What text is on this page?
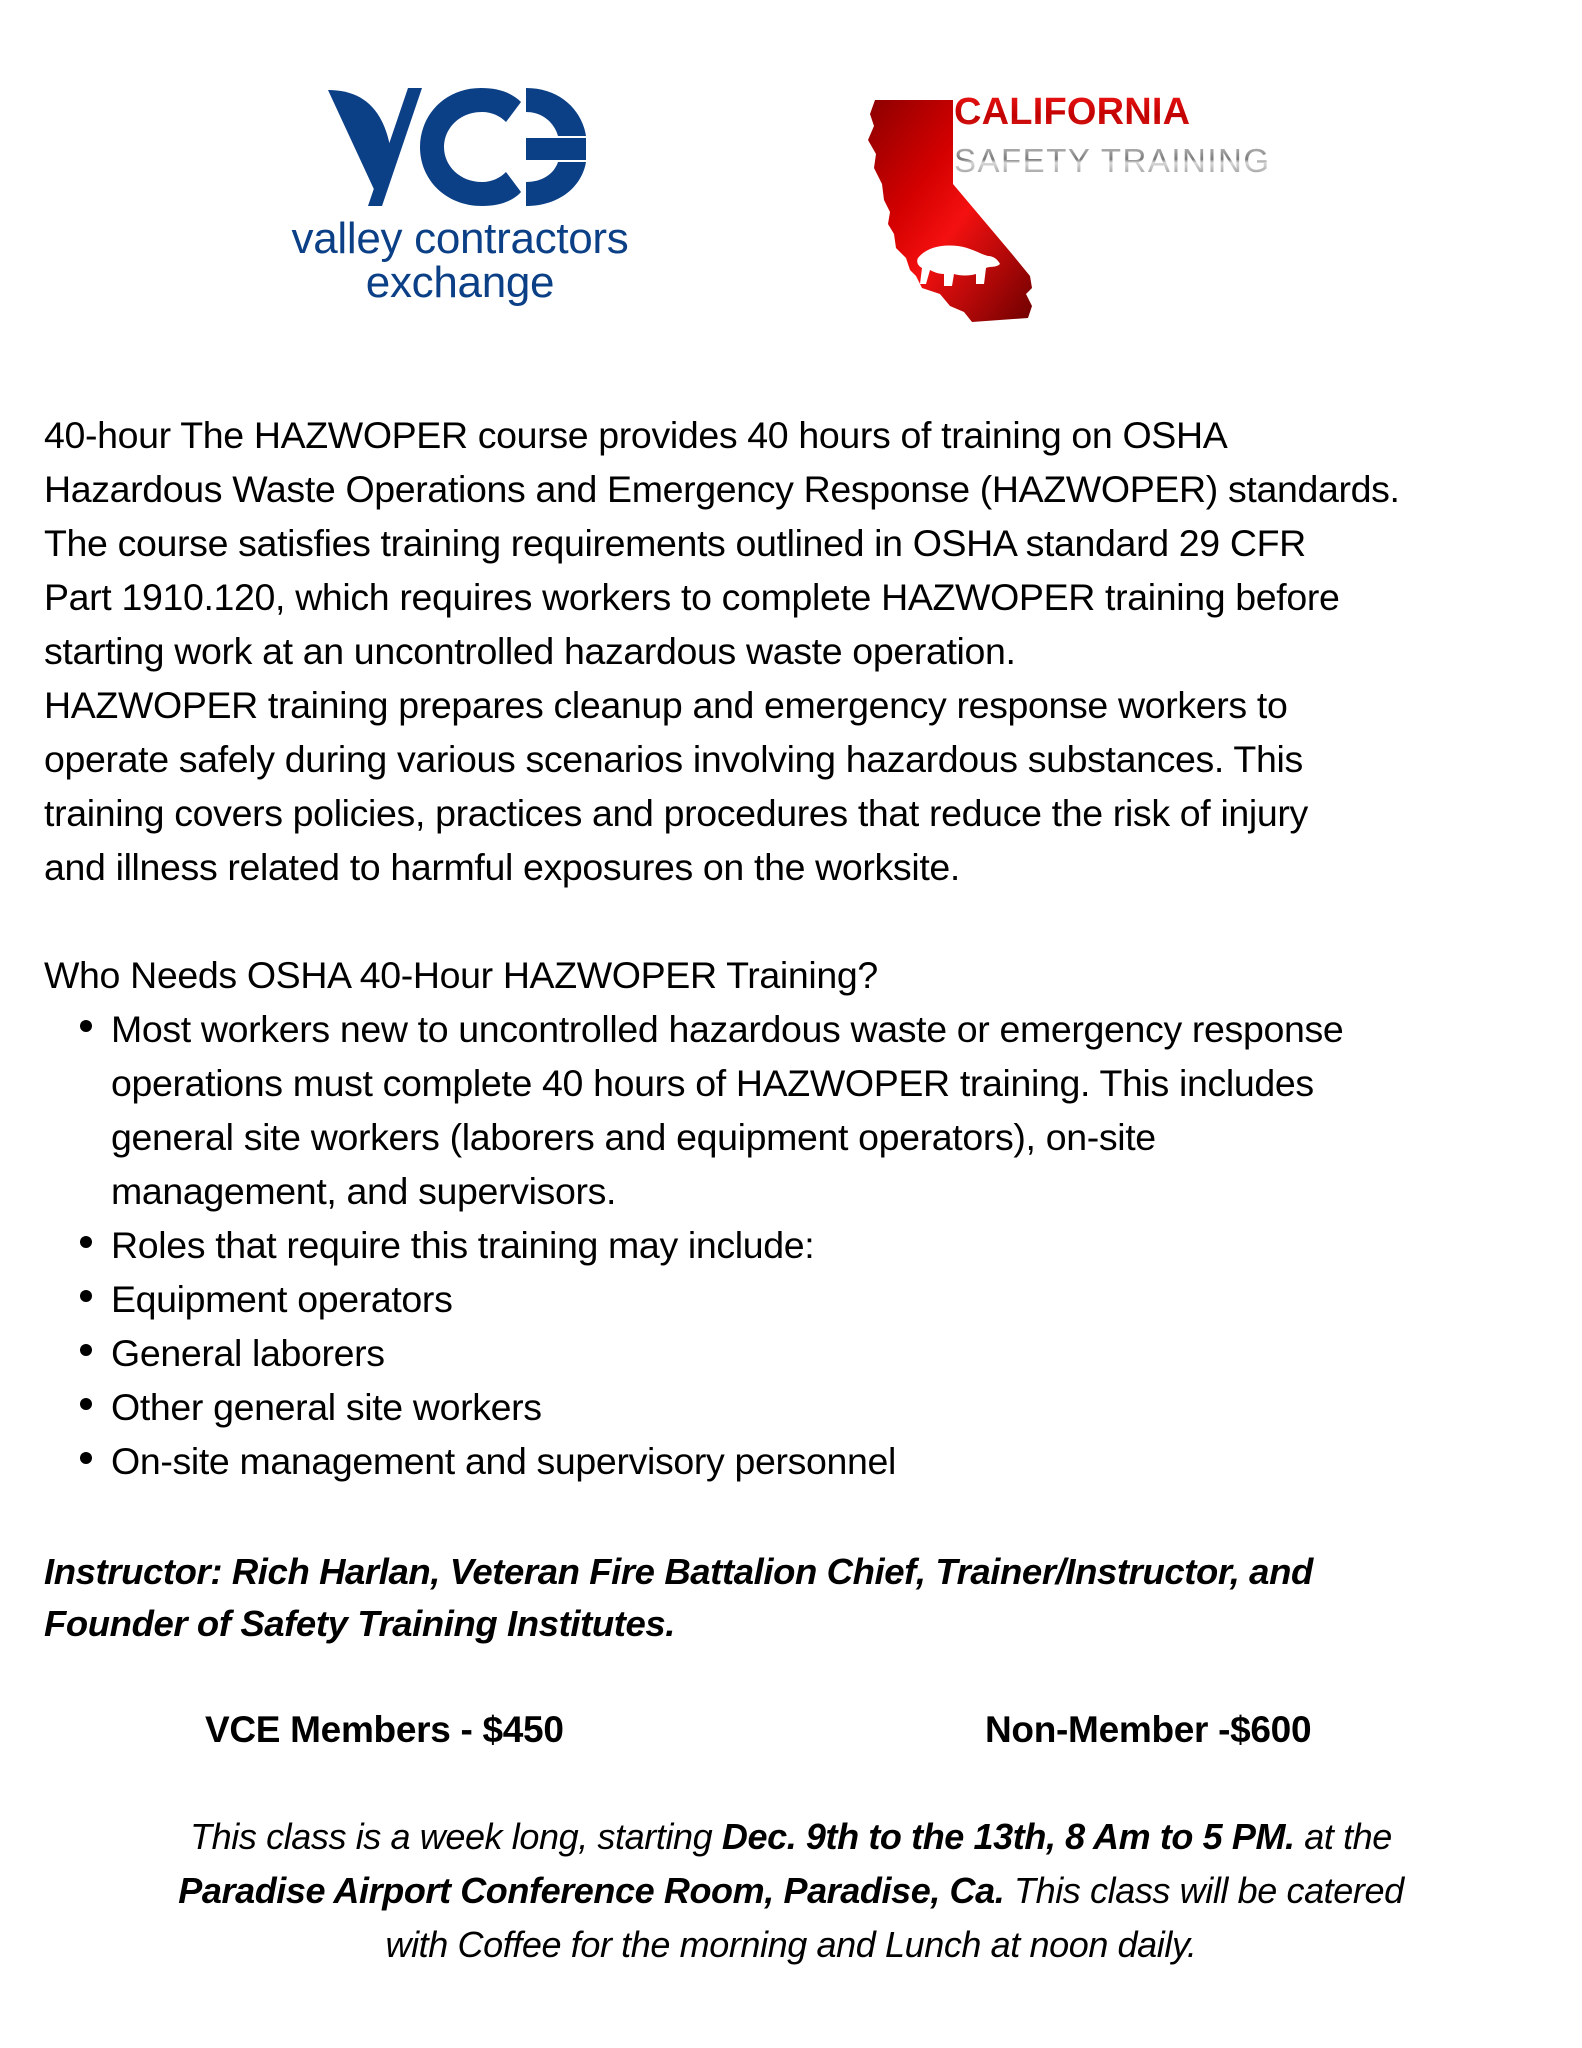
valley contractors
exchange
CALIFORNIA
SAFETY TRAINING
40-hour The HAZWOPER course provides 40 hours of training on OSHA
Hazardous Waste Operations and Emergency Response (HAZWOPER) standards.
The course satisfies training requirements outlined in OSHA standard 29 CFR
Part 1910.120, which requires workers to complete HAZWOPER training before
starting work at an uncontrolled hazardous waste operation.
HAZWOPER training prepares cleanup and emergency response workers to
operate safely during various scenarios involving hazardous substances. This
training covers policies, practices and procedures that reduce the risk of injury
and illness related to harmful exposures on the worksite.
Who Needs OSHA 40-Hour HAZWOPER Training?
Most workers new to uncontrolled hazardous waste or emergency response
operations must complete 40 hours of HAZWOPER training. This includes
general site workers (laborers and equipment operators), on-site
management, and supervisors.
Roles that require this training may include:
Equipment operators
General laborers
Other general site workers
On-site management and supervisory personnel
Instructor: Rich Harlan, Veteran Fire Battalion Chief, Trainer/Instructor, and
Founder of Safety Training Institutes.
VCE Members - $450	Non-Member -$600
This class is a week long, starting Dec. 9th to the 13th, 8 Am to 5 PM. at the
Paradise Airport Conference Room, Paradise, Ca. This class will be catered
with Coffee for the morning and Lunch at noon daily.
